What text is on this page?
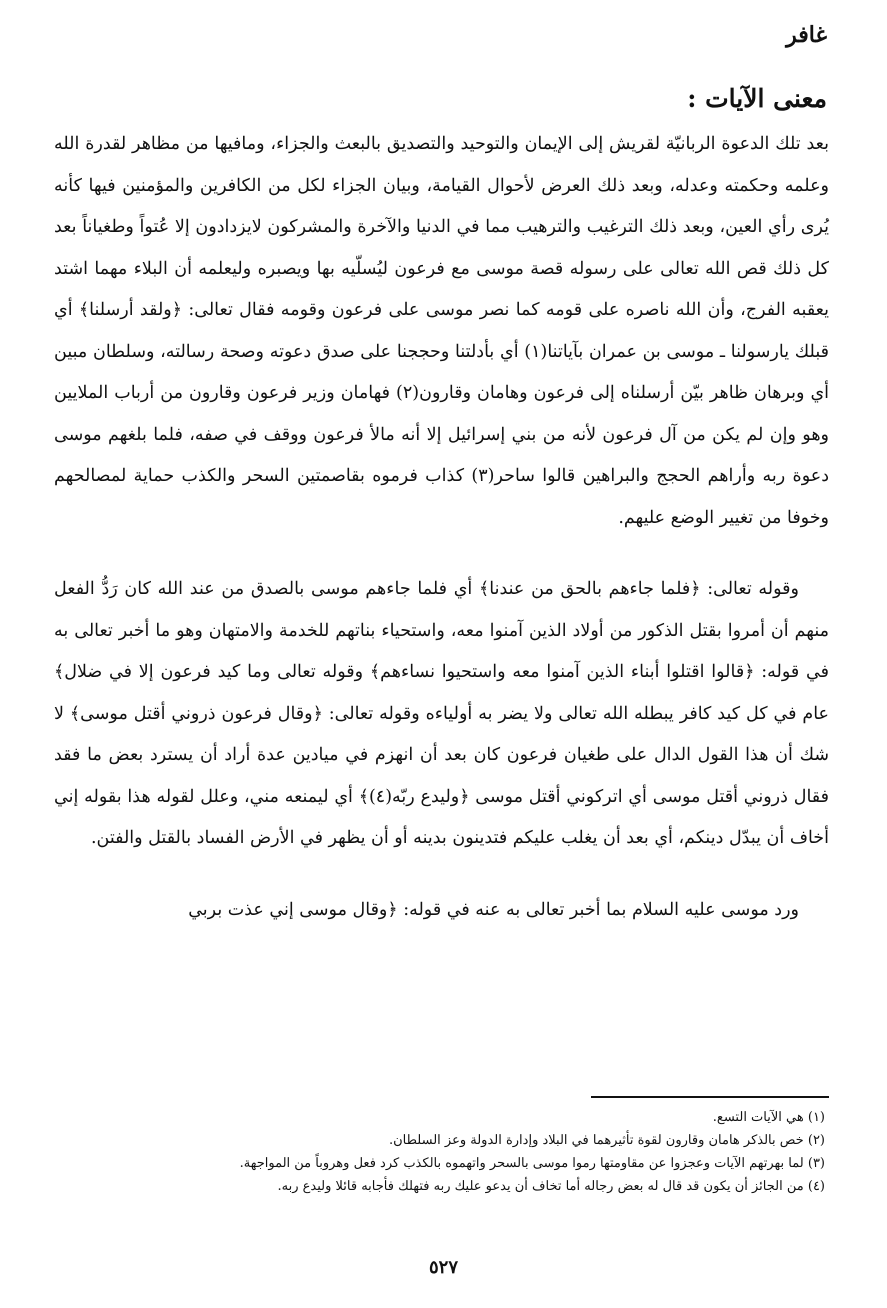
غافر
معنى الآيات :

بعد تلك الدعوة الربانيّة لقريش إلى الإيمان والتوحيد والتصديق بالبعث والجزاء، ومافيها من مظاهر لقدرة الله وعلمه وحكمته وعدله، وبعد ذلك العرض لأحوال القيامة، وبيان الجزاء لكل من الكافرين والمؤمنين فيها كأنه يُرى رأي العين، وبعد ذلك الترغيب والترهيب مما في الدنيا والآخرة والمشركون لايزدادون إلا عُتواً وطغياناً بعد كل ذلك قص الله تعالى على رسوله قصة موسى مع فرعون ليُسلّيه بها ويصبره وليعلمه أن البلاء مهما اشتد يعقبه الفرج، وأن الله ناصره على قومه كما نصر موسى على فرعون وقومه فقال تعالى: ﴿ولقد أرسلنا﴾ أي قبلك يارسولنا ـ موسى بن عمران بآياتنا(١) أي بأدلتنا وحججنا على صدق دعوته وصحة رسالته، وسلطان مبين أي وبرهان ظاهر بيّن أرسلناه إلى فرعون وهامان وقارون(٢) فهامان وزير فرعون وقارون من أرباب الملايين وهو وإن لم يكن من آل فرعون لأنه من بني إسرائيل إلا أنه مالأ فرعون ووقف في صفه، فلما بلغهم موسى دعوة ربه وأراهم الحجج والبراهين قالوا ساحر(٣) كذاب فرموه بقاصمتين السحر والكذب حماية لمصالحهم وخوفا من تغيير الوضع عليهم.

وقوله تعالى: ﴿فلما جاءهم بالحق من عندنا﴾ أي فلما جاءهم موسى بالصدق من عند الله كان رَدُّ الفعل منهم أن أمروا بقتل الذكور من أولاد الذين آمنوا معه، واستحياء بناتهم للخدمة والامتهان وهو ما أخبر تعالى به في قوله: ﴿قالوا اقتلوا أبناء الذين آمنوا معه واستحيوا نساءهم﴾ وقوله تعالى وما كيد فرعون إلا في ضلال﴾ عام في كل كيد كافر يبطله الله تعالى ولا يضر به أولياءه وقوله تعالى: ﴿وقال فرعون ذروني أقتل موسى﴾ لا شك أن هذا القول الدال على طغيان فرعون كان بعد أن انهزم في ميادين عدة أراد أن يسترد بعض ما فقد فقال ذروني أقتل موسى أي اتركوني أقتل موسى ﴿وليدع ربّه(٤)﴾ أي ليمنعه مني، وعلل لقوله هذا بقوله إني أخاف أن يبدّل دينكم، أي بعد أن يغلب عليكم فتدينون بدينه أو أن يظهر في الأرض الفساد بالقتل والفتن.

ورد موسى عليه السلام بما أخبر تعالى به عنه في قوله: ﴿وقال موسى إني عذت بربي

(١) هي الآيات التسع.
(٢) خص بالذكر هامان وقارون لقوة تأثيرهما في البلاد وإدارة الدولة وعز السلطان.
(٣) لما بهرتهم الآيات وعجزوا عن مقاومتها رموا موسى بالسحر واتهموه بالكذب كرد فعل وهروباً من المواجهة.
(٤) من الجائز أن يكون قد قال له بعض رجاله أما تخاف أن يدعو عليك ربه فتهلك فأجابه قائلا وليدع ربه.
٥٢٧
